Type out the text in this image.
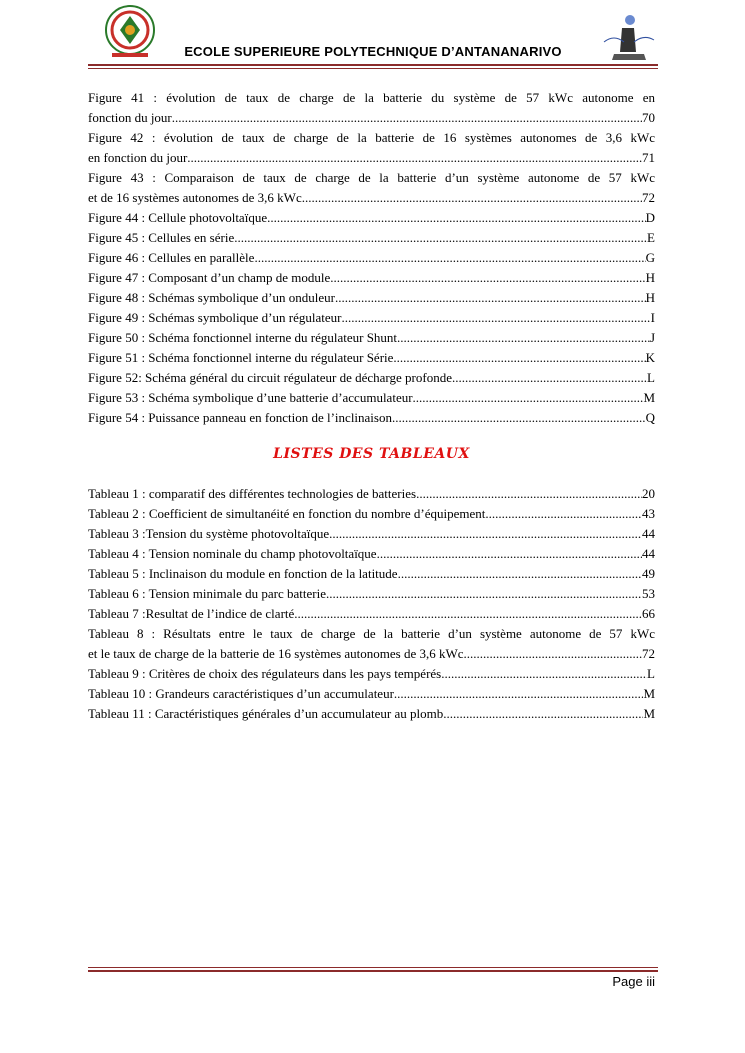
ECOLE SUPERIEURE POLYTECHNIQUE D’ANTANANARIVO
Figure 41 : évolution de taux de charge de la batterie du système de 57 kWc autonome en
fonction du jour .....	70
Figure 42 : évolution de taux de charge de la batterie de 16 systèmes autonomes de 3,6 kWc
en fonction du jour .....	71
Figure 43 : Comparaison de taux de charge de la batterie d’un système autonome de 57 kWc
et de 16 systèmes autonomes de 3,6 kWc .....	72
Figure 44 : Cellule photovoltaïque .....	D
Figure 45 : Cellules en série .....	E
Figure 46 : Cellules en parallèle .....	G
Figure 47 : Composant d’un champ de module .....	H
Figure 48 : Schémas symbolique d’un onduleur .....	H
Figure 49 : Schémas symbolique d’un régulateur .....	I
Figure 50 : Schéma fonctionnel interne du régulateur Shunt .....	J
Figure 51 : Schéma fonctionnel interne du régulateur Série .....	K
Figure 52: Schéma général du circuit régulateur de décharge profonde .....	L
Figure 53 : Schéma symbolique d’une batterie d’accumulateur .....	M
Figure 54 : Puissance panneau en fonction de l’inclinaison .....	Q
LISTES DES TABLEAUX
Tableau 1 : comparatif des différentes technologies de batteries .....	20
Tableau 2 : Coefficient de simultanéité en fonction du nombre d’équipement .....	43
Tableau 3 :Tension du système photovoltaïque .....	44
Tableau 4 : Tension nominale du champ photovoltaïque .....	44
Tableau 5 : Inclinaison du module en fonction de la latitude .....	49
Tableau 6 : Tension minimale du parc batterie .....	53
Tableau 7 :Resultat de l’indice de clarté .....	66
Tableau 8 : Résultats entre le taux de charge de la batterie d’un système autonome de 57 kWc
et le taux de charge de la batterie de 16 systèmes autonomes de 3,6 kWc .....	72
Tableau 9 : Critères de choix des régulateurs dans les pays tempérés .....	L
Tableau 10 : Grandeurs caractéristiques d’un accumulateur .....	M
Tableau 11 : Caractéristiques générales d’un accumulateur au plomb .....	M
Page iii
